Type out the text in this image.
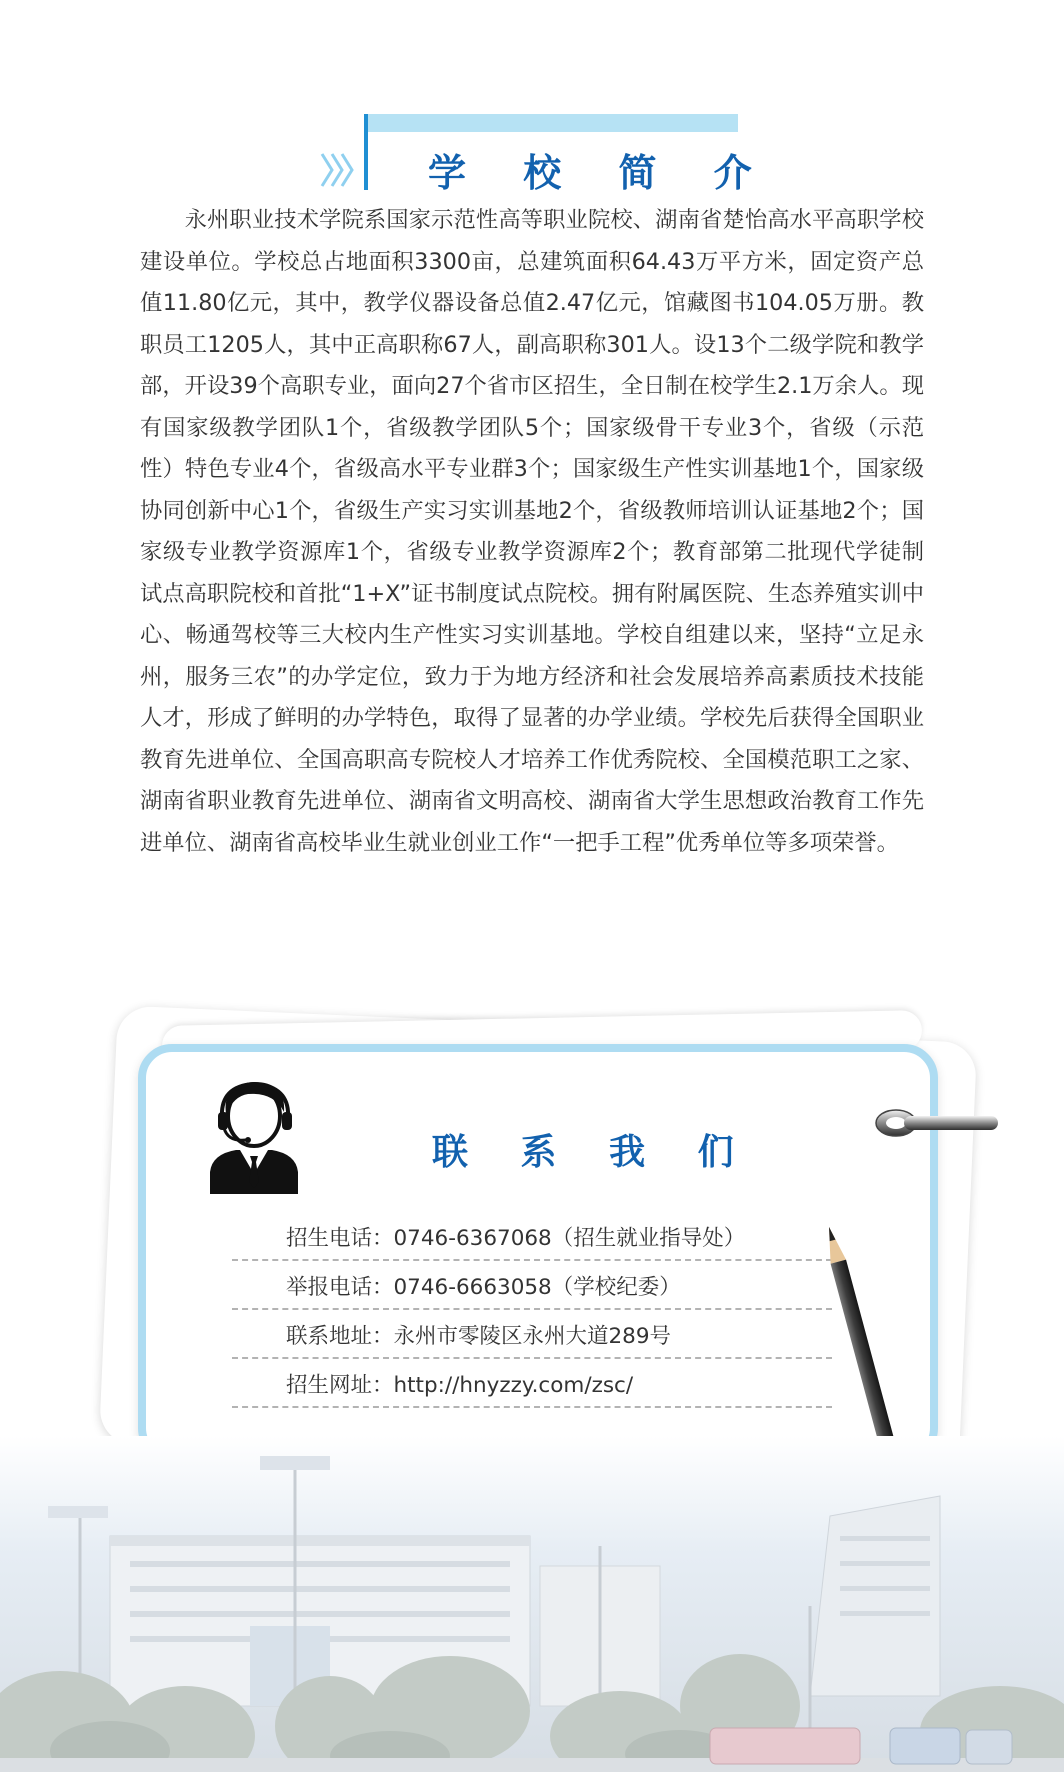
学 校 简 介

永州职业技术学院系国家示范性高等职业院校、湖南省楚怡高水平高职学校建设单位。学校总占地面积3300亩，总建筑面积64.43万平方米，固定资产总值11.80亿元，其中，教学仪器设备总值2.47亿元，馆藏图书104.05万册。教职员工1205人，其中正高职称67人，副高职称301人。设13个二级学院和教学部，开设39个高职专业，面向27个省市区招生，全日制在校学生2.1万余人。现有国家级教学团队1个，省级教学团队5个；国家级骨干专业3个，省级（示范性）特色专业4个，省级高水平专业群3个；国家级生产性实训基地1个，国家级协同创新中心1个，省级生产实习实训基地2个，省级教师培训认证基地2个；国家级专业教学资源库1个，省级专业教学资源库2个；教育部第二批现代学徒制试点高职院校和首批“1+X”证书制度试点院校。拥有附属医院、生态养殖实训中心、畅通驾校等三大校内生产性实习实训基地。学校自组建以来，坚持“立足永州，服务三农”的办学定位，致力于为地方经济和社会发展培养高素质技术技能人才，形成了鲜明的办学特色，取得了显著的办学业绩。学校先后获得全国职业教育先进单位、全国高职高专院校人才培养工作优秀院校、全国模范职工之家、湖南省职业教育先进单位、湖南省文明高校、湖南省大学生思想政治教育工作先进单位、湖南省高校毕业生就业创业工作“一把手工程”优秀单位等多项荣誉。

联 系 我 们
招生电话：0746-6367068（招生就业指导处）
举报电话：0746-6663058（学校纪委）
联系地址：永州市零陵区永州大道289号
招生网址：http://hnyzzy.com/zsc/
